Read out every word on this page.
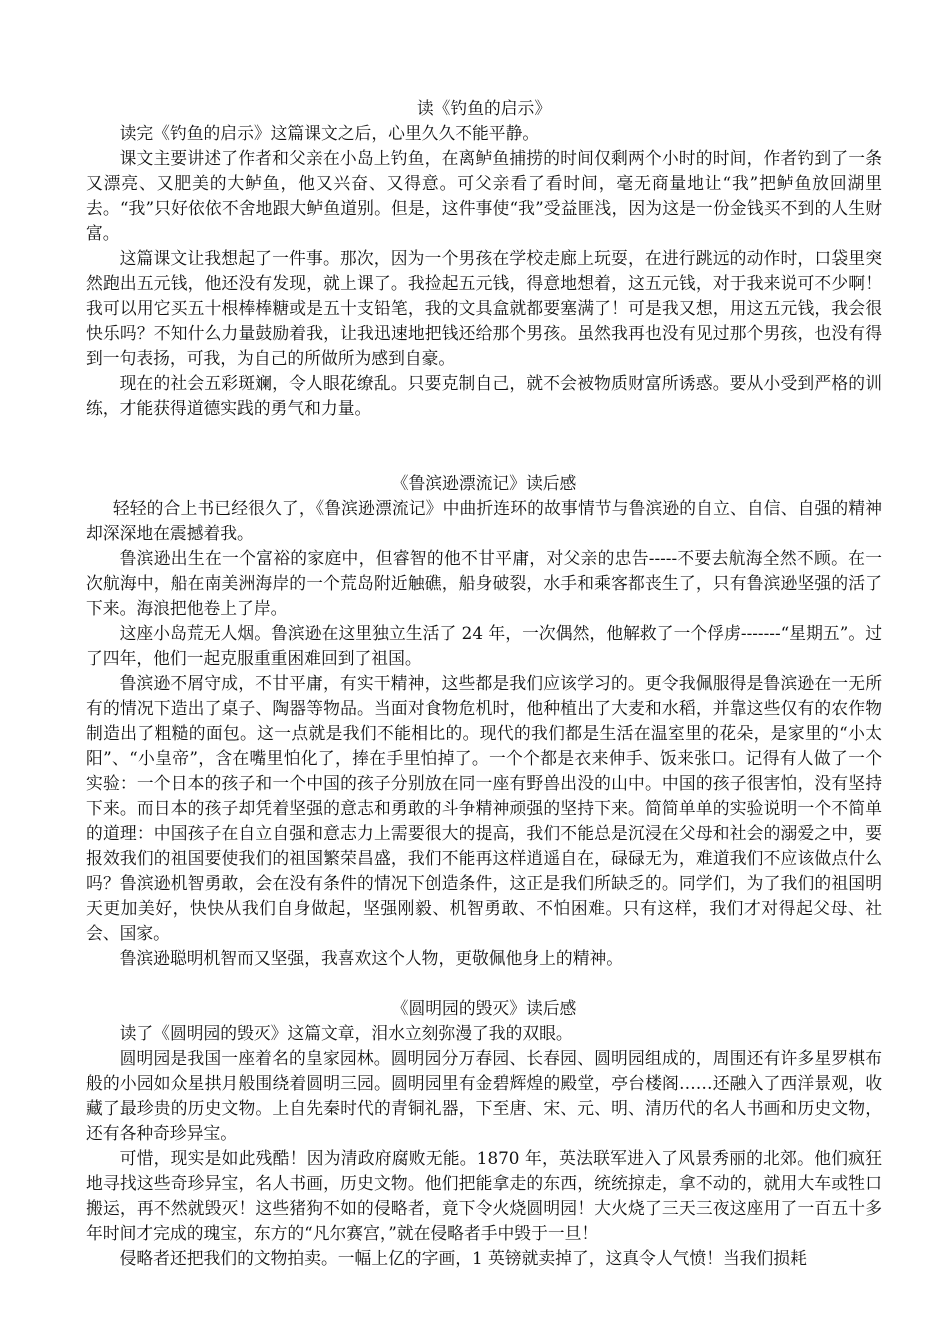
读《钓鱼的启示》

读完《钓鱼的启示》这篇课文之后，心里久久不能平静。

课文主要讲述了作者和父亲在小岛上钓鱼，在离鲈鱼捕捞的时间仅剩两个小时的时间，作者钓到了一条又漂亮、又肥美的大鲈鱼，他又兴奋、又得意。可父亲看了看时间，毫无商量地让“我”把鲈鱼放回湖里去。“我”只好依依不舍地跟大鲈鱼道别。但是，这件事使“我”受益匪浅，因为这是一份金钱买不到的人生财富。

这篇课文让我想起了一件事。那次，因为一个男孩在学校走廊上玩耍，在进行跳远的动作时，口袋里突然跑出五元钱，他还没有发现，就上课了。我捡起五元钱，得意地想着，这五元钱，对于我来说可不少啊！我可以用它买五十根棒棒糖或是五十支铅笔，我的文具盒就都要塞满了！可是我又想，用这五元钱，我会很快乐吗？不知什么力量鼓励着我，让我迅速地把钱还给那个男孩。虽然我再也没有见过那个男孩，也没有得到一句表扬，可我，为自己的所做所为感到自豪。

现在的社会五彩斑斓，令人眼花缭乱。只要克制自己，就不会被物质财富所诱惑。要从小受到严格的训练，才能获得道德实践的勇气和力量。

《鲁滨逊漂流记》读后感

轻轻的合上书已经很久了，《鲁滨逊漂流记》中曲折连环的故事情节与鲁滨逊的自立、自信、自强的精神却深深地在震撼着我。

鲁滨逊出生在一个富裕的家庭中，但睿智的他不甘平庸，对父亲的忠告-----不要去航海全然不顾。在一次航海中，船在南美洲海岸的一个荒岛附近触礁，船身破裂，水手和乘客都丧生了，只有鲁滨逊坚强的活了下来。海浪把他卷上了岸。

这座小岛荒无人烟。鲁滨逊在这里独立生活了 24 年，一次偶然，他解救了一个俘虏-------“星期五”。过了四年，他们一起克服重重困难回到了祖国。

鲁滨逊不屑守成，不甘平庸，有实干精神，这些都是我们应该学习的。更令我佩服得是鲁滨逊在一无所有的情况下造出了桌子、陶器等物品。当面对食物危机时，他种植出了大麦和水稻，并靠这些仅有的农作物制造出了粗糙的面包。这一点就是我们不能相比的。现代的我们都是生活在温室里的花朵，是家里的“小太阳”、“小皇帝”，含在嘴里怕化了，捧在手里怕掉了。一个个都是衣来伸手、饭来张口。记得有人做了一个实验：一个日本的孩子和一个中国的孩子分别放在同一座有野兽出没的山中。中国的孩子很害怕，没有坚持下来。而日本的孩子却凭着坚强的意志和勇敢的斗争精神顽强的坚持下来。简简单单的实验说明一个不简单的道理：中国孩子在自立自强和意志力上需要很大的提高，我们不能总是沉浸在父母和社会的溺爱之中，要报效我们的祖国要使我们的祖国繁荣昌盛，我们不能再这样逍遥自在，碌碌无为，难道我们不应该做点什么吗？鲁滨逊机智勇敢，会在没有条件的情况下创造条件，这正是我们所缺乏的。同学们，为了我们的祖国明天更加美好，快快从我们自身做起，坚强刚毅、机智勇敢、不怕困难。只有这样，我们才对得起父母、社会、国家。

鲁滨逊聪明机智而又坚强，我喜欢这个人物，更敬佩他身上的精神。

《圆明园的毁灭》读后感

读了《圆明园的毁灭》这篇文章，泪水立刻弥漫了我的双眼。

圆明园是我国一座着名的皇家园林。圆明园分万春园、长春园、圆明园组成的，周围还有许多星罗棋布般的小园如众星拱月般围绕着圆明三园。圆明园里有金碧辉煌的殿堂，亭台楼阁……还融入了西洋景观，收藏了最珍贵的历史文物。上自先秦时代的青铜礼器，下至唐、宋、元、明、清历代的名人书画和历史文物，还有各种奇珍异宝。

可惜，现实是如此残酷！因为清政府腐败无能。1870 年，英法联军进入了风景秀丽的北郊。他们疯狂地寻找这些奇珍异宝，名人书画，历史文物。他们把能拿走的东西，统统掠走，拿不动的，就用大车或牲口搬运，再不然就毁灭！这些猪狗不如的侵略者，竟下令火烧圆明园！大火烧了三天三夜这座用了一百五十多年时间才完成的瑰宝，东方的“凡尔赛宫，”就在侵略者手中毁于一旦！

侵略者还把我们的文物拍卖。一幅上亿的字画，1 英镑就卖掉了，这真令人气愤！当我们损耗
